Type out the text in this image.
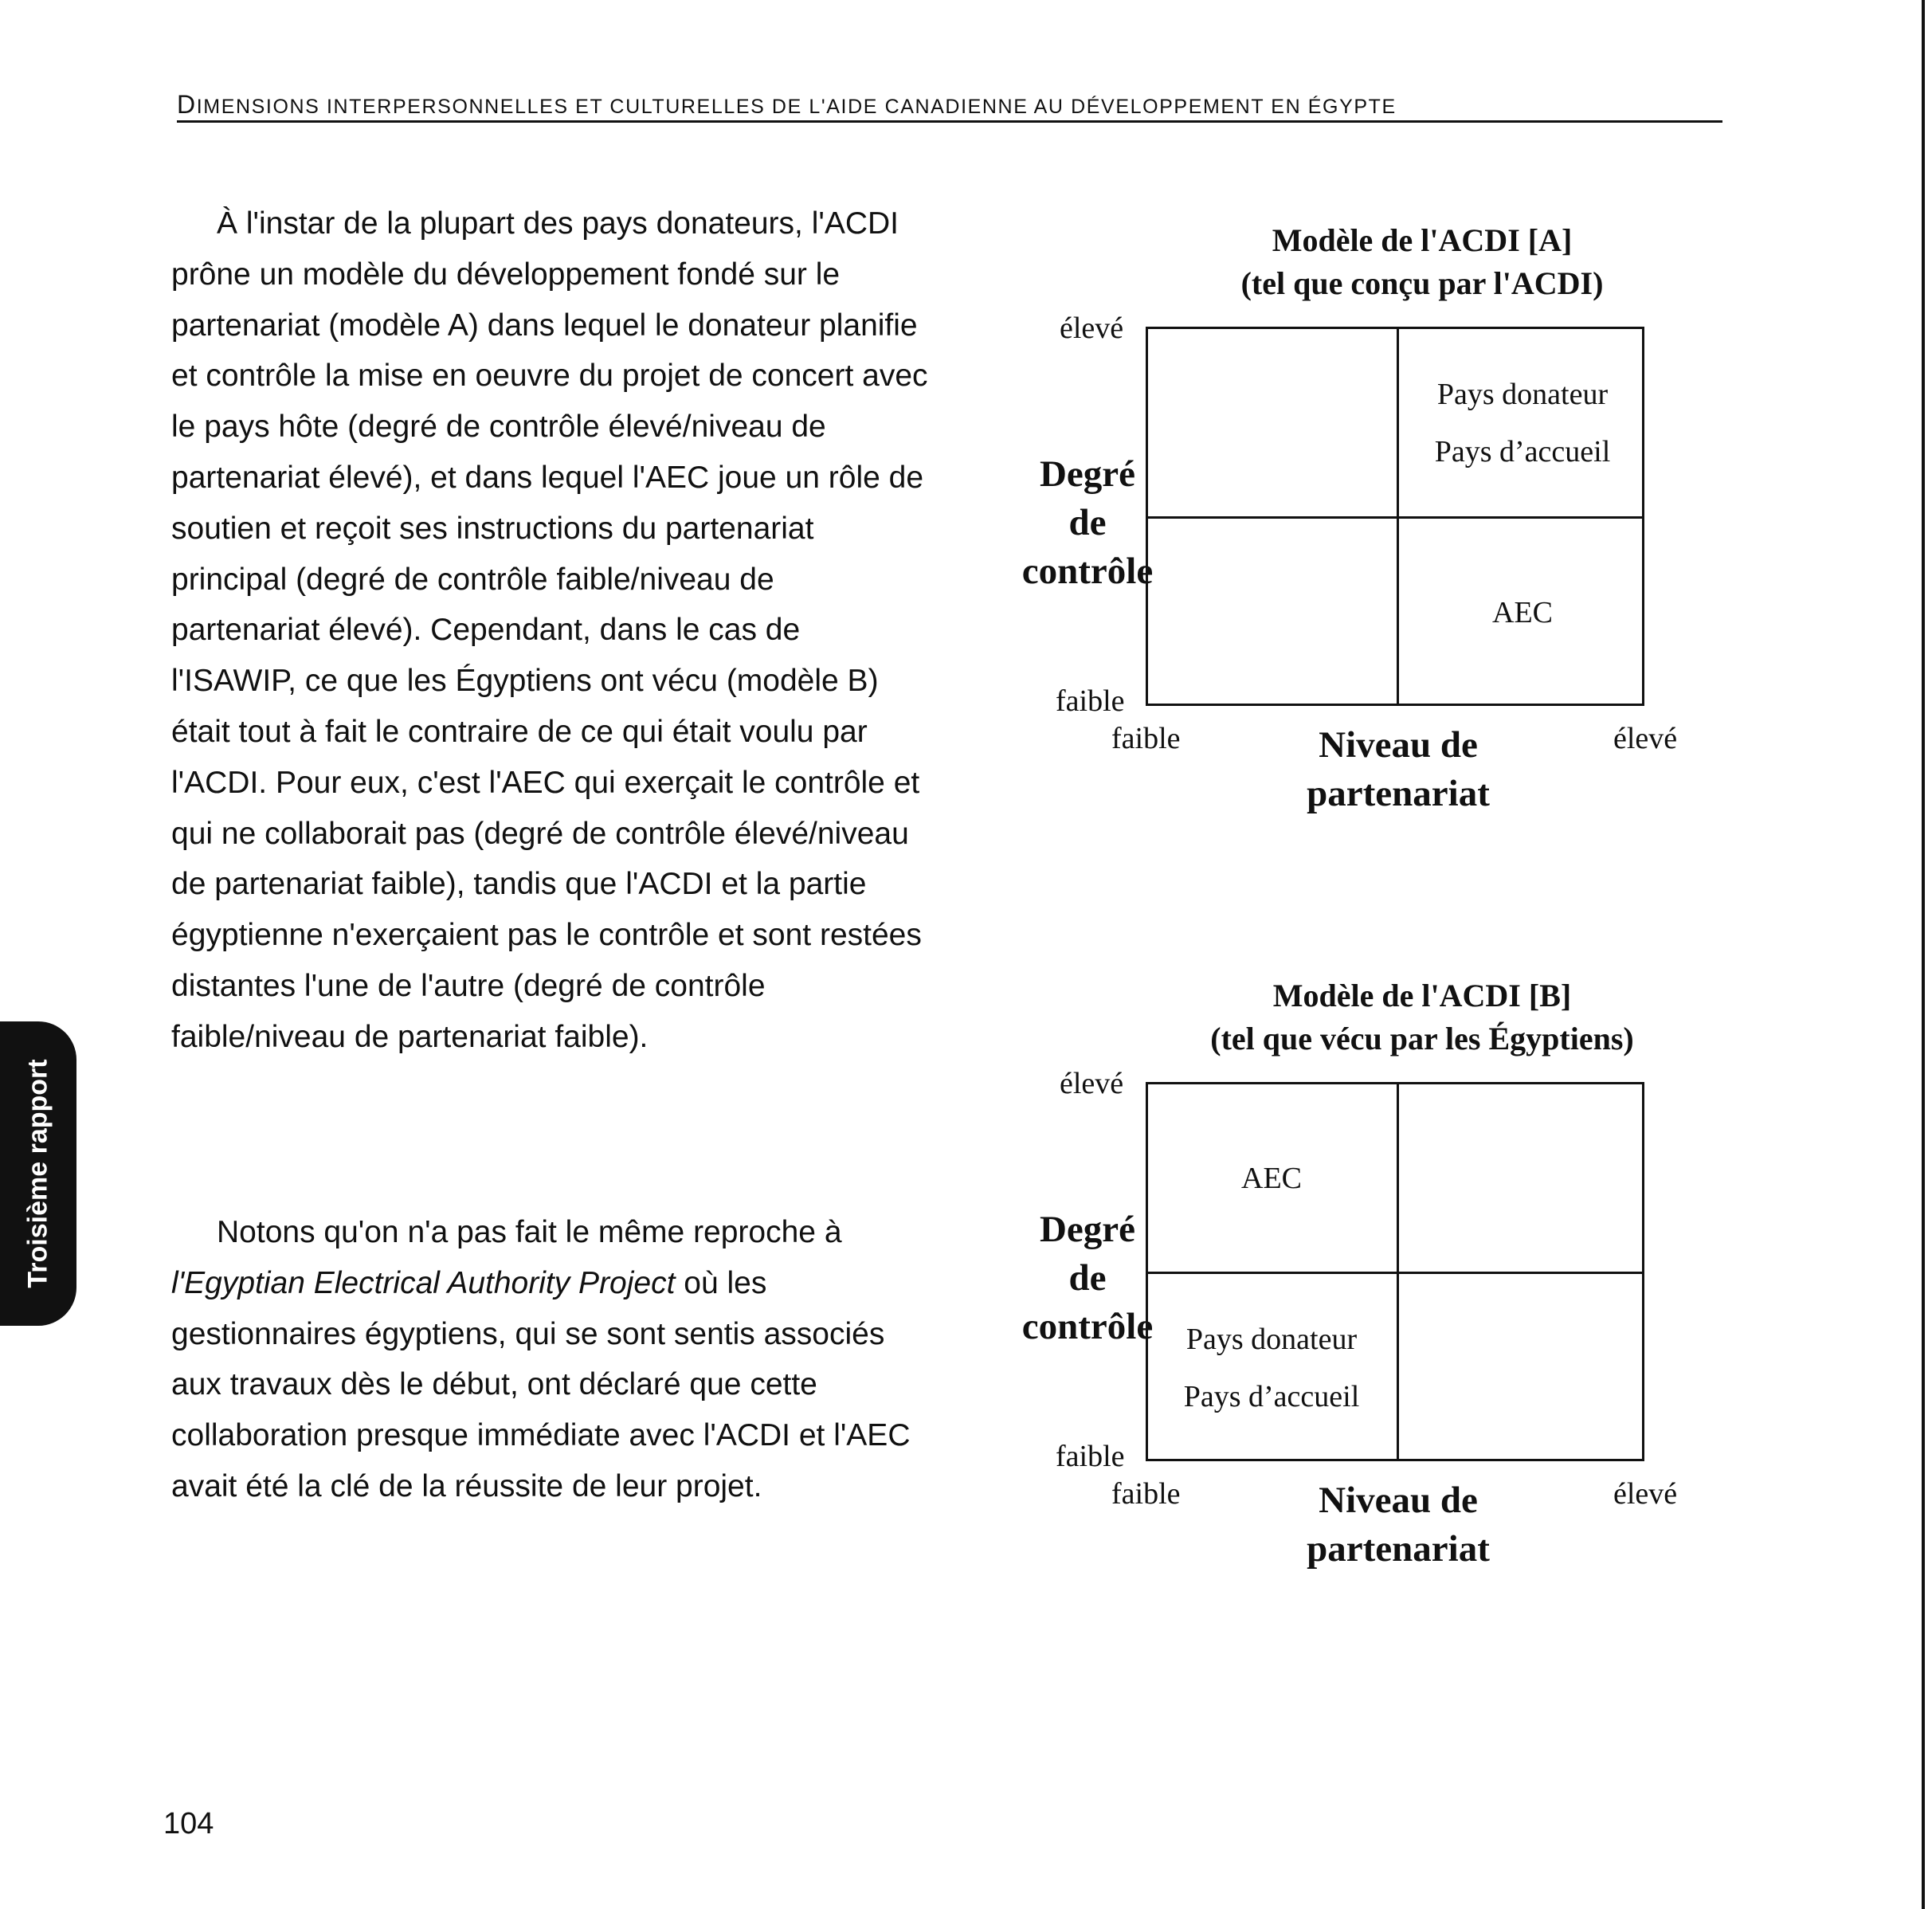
DIMENSIONS INTERPERSONNELLES ET CULTURELLES DE L'AIDE CANADIENNE AU DÉVELOPPEMENT EN ÉGYPTE

À l'instar de la plupart des pays donateurs, l'ACDI prône un modèle du développement fondé sur le partenariat (modèle A) dans lequel le donateur planifie et contrôle la mise en oeuvre du projet de concert avec le pays hôte (degré de contrôle élevé/niveau de partenariat élevé), et dans lequel l'AEC joue un rôle de soutien et reçoit ses instructions du partenariat principal (degré de contrôle faible/niveau de partenariat élevé). Cependant, dans le cas de l'ISAWIP, ce que les Égyptiens ont vécu (modèle B) était tout à fait le contraire de ce qui était voulu par l'ACDI. Pour eux, c'est l'AEC qui exerçait le contrôle et qui ne collaborait pas (degré de contrôle élevé/niveau de partenariat faible), tandis que l'ACDI et la partie égyptienne n'exerçaient pas le contrôle et sont restées distantes l'une de l'autre (degré de contrôle faible/niveau de partenariat faible).

Notons qu'on n'a pas fait le même reproche à l'Egyptian Electrical Authority Project où les gestionnaires égyptiens, qui se sont sentis associés aux travaux dès le début, ont déclaré que cette collaboration presque immédiate avec l'ACDI et l'AEC avait été la clé de la réussite de leur projet.

Troisième rapport
Modèle de l'ACDI [A]
(tel que conçu par l'ACDI)
élevé
faible
Degré
de
contrôle
Pays donateur
Pays d’accueil
AEC
faible	élevé
Niveau de
partenariat
Modèle de l'ACDI [B]
(tel que vécu par les Égyptiens)
élevé
faible
Degré
de
contrôle
AEC
Pays donateur
Pays d’accueil
faible	élevé
Niveau de
partenariat
104
